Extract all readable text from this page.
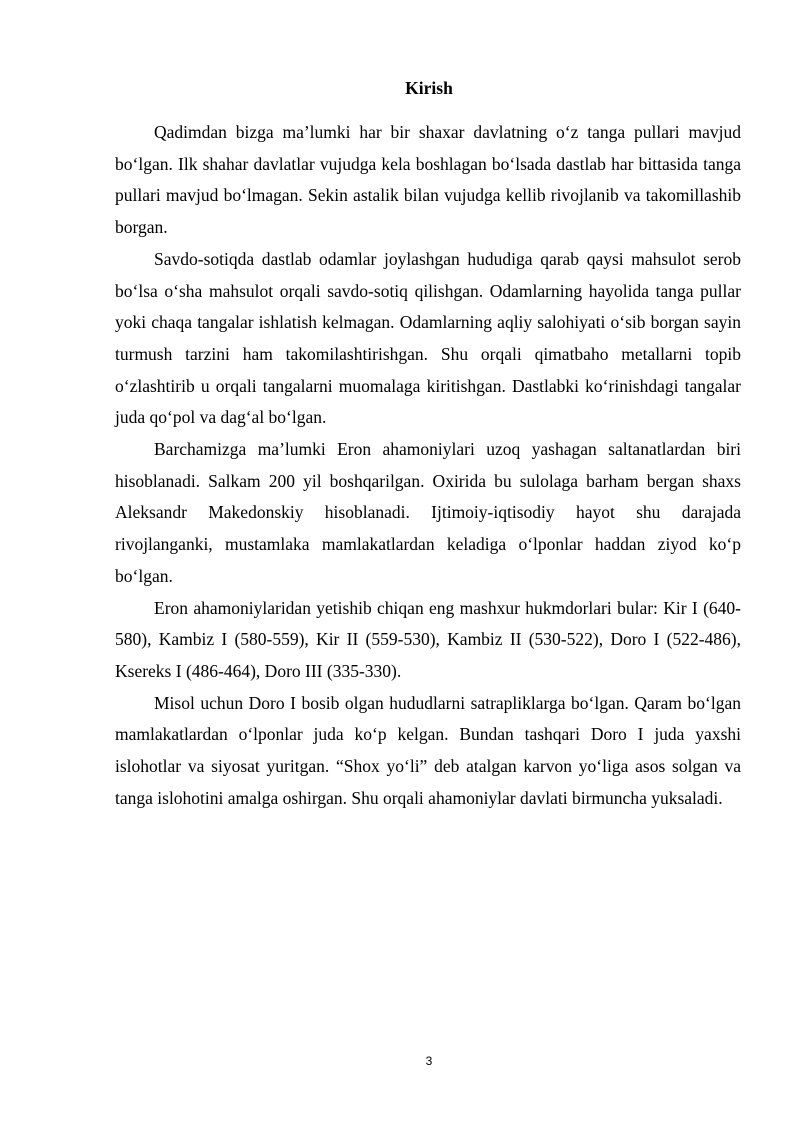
Kirish

Qadimdan bizga ma’lumki har bir shaxar davlatning o‘z tanga pullari mavjud bo‘lgan. Ilk shahar davlatlar vujudga kela boshlagan bo‘lsada dastlab har bittasida tanga pullari mavjud bo‘lmagan. Sekin astalik bilan vujudga kellib rivojlanib va takomillashib borgan.

Savdo-sotiqda dastlab odamlar joylashgan hududiga qarab qaysi mahsulot serob bo‘lsa o‘sha mahsulot orqali savdo-sotiq qilishgan. Odamlarning hayolida tanga pullar yoki chaqa tangalar ishlatish kelmagan. Odamlarning aqliy salohiyati o‘sib borgan sayin turmush tarzini ham takomilashtirishgan. Shu orqali qimatbaho metallarni topib o‘zlashtirib u orqali tangalarni muomalaga kiritishgan. Dastlabki ko‘rinishdagi tangalar juda qo‘pol va dag‘al bo‘lgan.

Barchamizga ma’lumki Eron ahamoniylari uzoq yashagan saltanatlardan biri hisoblanadi. Salkam 200 yil boshqarilgan. Oxirida bu sulolaga barham bergan shaxs Aleksandr Makedonskiy hisoblanadi. Ijtimoiy-iqtisodiy hayot shu darajada rivojlanganki, mustamlaka mamlakatlardan keladiga o‘lponlar haddan ziyod ko‘p bo‘lgan.

Eron ahamoniylaridan yetishib chiqan eng mashxur hukmdorlari bular: Kir I (640-580), Kambiz I (580-559), Kir II (559-530), Kambiz II (530-522), Doro I (522-486), Ksereks I (486-464), Doro III (335-330).

Misol uchun Doro I bosib olgan hududlarni satrapliklarga bo‘lgan. Qaram bo‘lgan mamlakatlardan o‘lponlar juda ko‘p kelgan. Bundan tashqari Doro I juda yaxshi islohotlar va siyosat yuritgan. “Shox yo‘li” deb atalgan karvon yo‘liga asos solgan va tanga islohotini amalga oshirgan. Shu orqali ahamoniylar davlati birmuncha yuksaladi.

3
